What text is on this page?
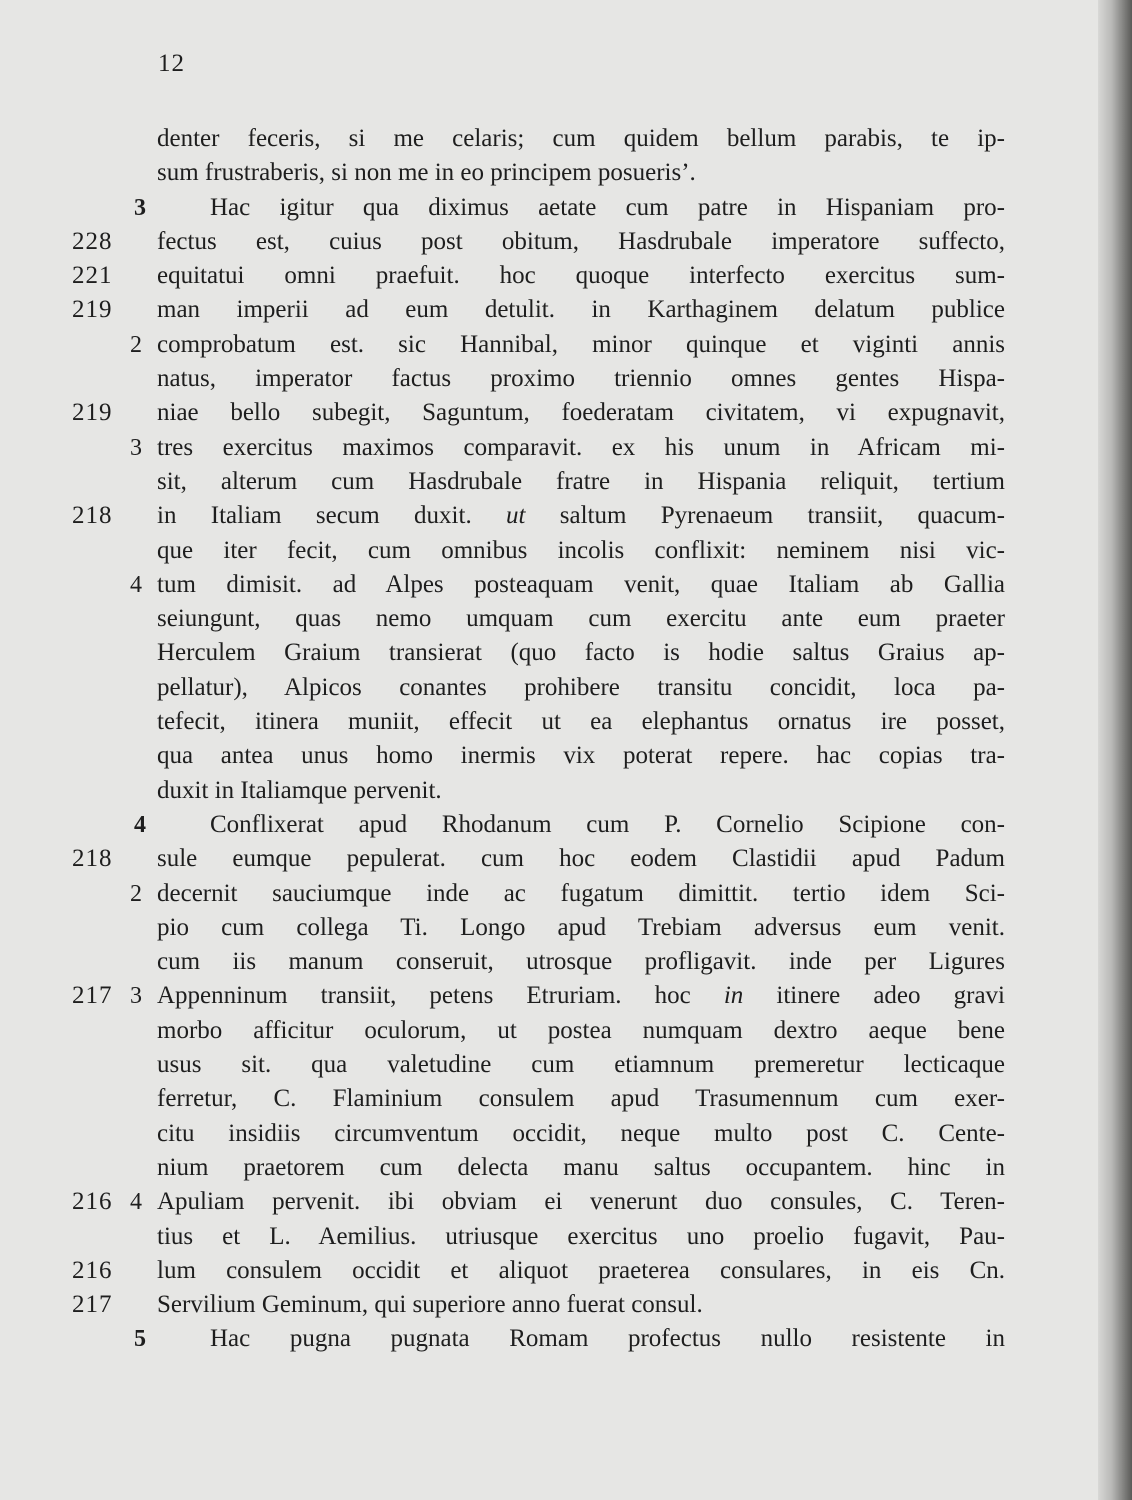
12
denter feceris, si me celaris; cum quidem bellum parabis, te ip-
sum frustraberis, si non me in eo principem posueris’.
3	Hac igitur qua diximus aetate cum patre in Hispaniam pro-
228	fectus est, cuius post obitum, Hasdrubale imperatore suffecto,
221	equitatui omni praefuit. hoc quoque interfecto exercitus sum-
219	man imperii ad eum detulit. in Karthaginem delatum publice
2 comprobatum est. sic Hannibal, minor quinque et viginti annis
natus, imperator factus proximo triennio omnes gentes Hispa-
219	niae bello subegit, Saguntum, foederatam civitatem, vi expugnavit,
3 tres exercitus maximos comparavit. ex his unum in Africam mi-
sit, alterum cum Hasdrubale fratre in Hispania reliquit, tertium
218	in Italiam secum duxit. ut saltum Pyrenaeum transiit, quacum-
que iter fecit, cum omnibus incolis conflixit: neminem nisi vic-
4 tum dimisit. ad Alpes posteaquam venit, quae Italiam ab Gallia
seiungunt, quas nemo umquam cum exercitu ante eum praeter
Herculem Graium transierat (quo facto is hodie saltus Graius ap-
pellatur), Alpicos conantes prohibere transitu concidit, loca pa-
tefecit, itinera muniit, effecit ut ea elephantus ornatus ire posset,
qua antea unus homo inermis vix poterat repere. hac copias tra-
duxit in Italiamque pervenit.
4	Conflixerat apud Rhodanum cum P. Cornelio Scipione con-
218	sule eumque pepulerat. cum hoc eodem Clastidii apud Padum
2 decernit sauciumque inde ac fugatum dimittit. tertio idem Sci-
pio cum collega Ti. Longo apud Trebiam adversus eum venit.
cum iis manum conseruit, utrosque profligavit. inde per Ligures
217 3 Appenninum transiit, petens Etruriam. hoc in itinere adeo gravi
morbo afficitur oculorum, ut postea numquam dextro aeque bene
usus sit. qua valetudine cum etiamnum premeretur lecticaque
ferretur, C. Flaminium consulem apud Trasumennum cum exer-
citu insidiis circumventum occidit, neque multo post C. Cente-
nium praetorem cum delecta manu saltus occupantem. hinc in
216 4 Apuliam pervenit. ibi obviam ei venerunt duo consules, C. Teren-
tius et L. Aemilius. utriusque exercitus uno proelio fugavit, Pau-
216	lum consulem occidit et aliquot praeterea consulares, in eis Cn.
217	Servilium Geminum, qui superiore anno fuerat consul.
5	Hac pugna pugnata Romam profectus nullo resistente in
